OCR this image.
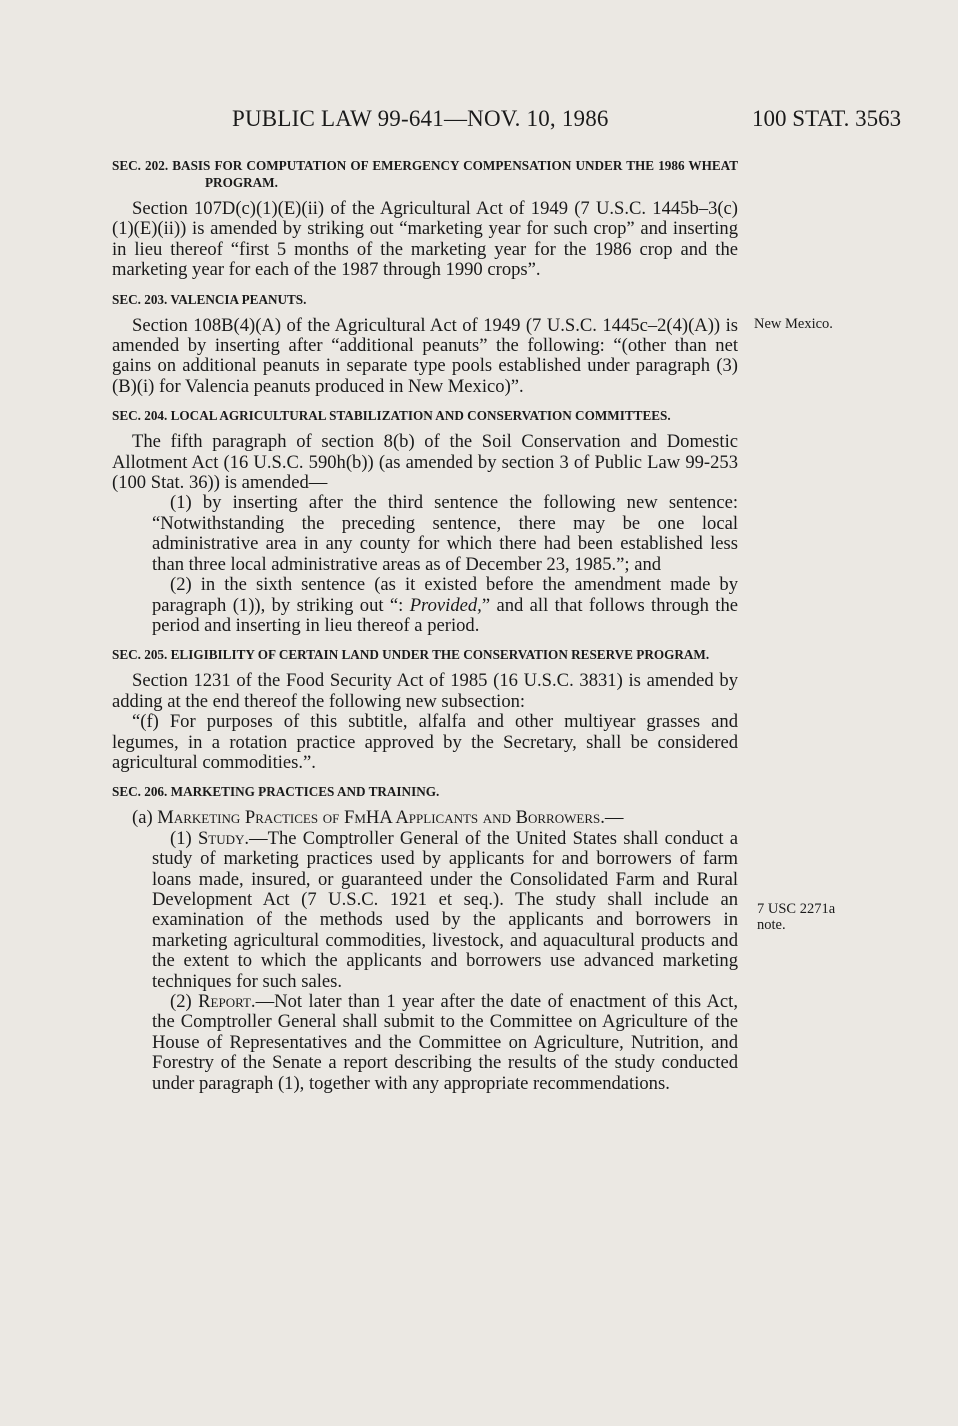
PUBLIC LAW 99-641—NOV. 10, 1986	100 STAT. 3563
New Mexico.
7 USC 2271a
note.

SEC. 202. BASIS FOR COMPUTATION OF EMERGENCY COMPENSATION UNDER THE 1986 WHEAT PROGRAM.

Section 107D(c)(1)(E)(ii) of the Agricultural Act of 1949 (7 U.S.C. 1445b–3(c)(1)(E)(ii)) is amended by striking out “marketing year for such crop” and inserting in lieu thereof “first 5 months of the marketing year for the 1986 crop and the marketing year for each of the 1987 through 1990 crops”.

SEC. 203. VALENCIA PEANUTS.

Section 108B(4)(A) of the Agricultural Act of 1949 (7 U.S.C. 1445c–2(4)(A)) is amended by inserting after “additional peanuts” the following: “(other than net gains on additional peanuts in separate type pools established under paragraph (3)(B)(i) for Valencia peanuts produced in New Mexico)”.

SEC. 204. LOCAL AGRICULTURAL STABILIZATION AND CONSERVATION COMMITTEES.

The fifth paragraph of section 8(b) of the Soil Conservation and Domestic Allotment Act (16 U.S.C. 590h(b)) (as amended by section 3 of Public Law 99-253 (100 Stat. 36)) is amended—

(1) by inserting after the third sentence the following new sentence: “Notwithstanding the preceding sentence, there may be one local administrative area in any county for which there had been established less than three local administrative areas as of December 23, 1985.”; and

(2) in the sixth sentence (as it existed before the amendment made by paragraph (1)), by striking out “: Provided,” and all that follows through the period and inserting in lieu thereof a period.

SEC. 205. ELIGIBILITY OF CERTAIN LAND UNDER THE CONSERVATION RESERVE PROGRAM.

Section 1231 of the Food Security Act of 1985 (16 U.S.C. 3831) is amended by adding at the end thereof the following new subsection:

“(f) For purposes of this subtitle, alfalfa and other multiyear grasses and legumes, in a rotation practice approved by the Secretary, shall be considered agricultural commodities.”.

SEC. 206. MARKETING PRACTICES AND TRAINING.

(a) Marketing Practices of FmHA Applicants and Borrowers.—

(1) Study.—The Comptroller General of the United States shall conduct a study of marketing practices used by applicants for and borrowers of farm loans made, insured, or guaranteed under the Consolidated Farm and Rural Development Act (7 U.S.C. 1921 et seq.). The study shall include an examination of the methods used by the applicants and borrowers in marketing agricultural commodities, livestock, and aquacultural products and the extent to which the applicants and borrowers use advanced marketing techniques for such sales.

(2) Report.—Not later than 1 year after the date of enactment of this Act, the Comptroller General shall submit to the Committee on Agriculture of the House of Representatives and the Committee on Agriculture, Nutrition, and Forestry of the Senate a report describing the results of the study conducted under paragraph (1), together with any appropriate recommendations.
